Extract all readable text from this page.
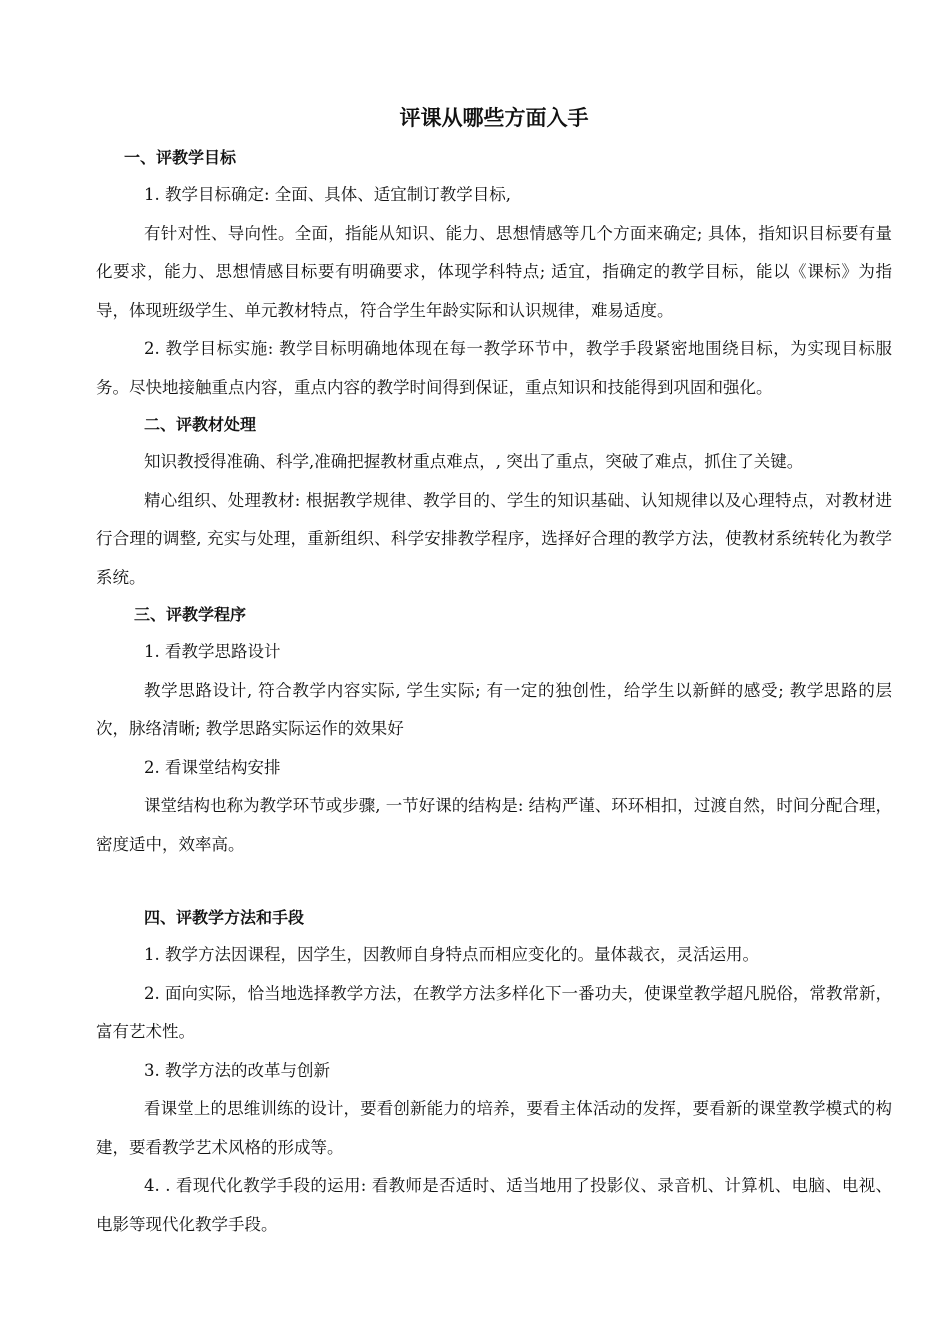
评课从哪些方面入手
一、评教学目标

1. 教学目标确定: 全面、具体、适宜制订教学目标,

有针对性、导向性。全面，指能从知识、能力、思想情感等几个方面来确定; 具体，指知识目标要有量化要求，能力、思想情感目标要有明确要求，体现学科特点; 适宜，指确定的教学目标，能以《课标》为指导，体现班级学生、单元教材特点，符合学生年龄实际和认识规律，难易适度。

2. 教学目标实施: 教学目标明确地体现在每一教学环节中，教学手段紧密地围绕目标，为实现目标服务。尽快地接触重点内容，重点内容的教学时间得到保证，重点知识和技能得到巩固和强化。

二、评教材处理

知识教授得准确、科学,准确把握教材重点难点，, 突出了重点，突破了难点，抓住了关键。

精心组织、处理教材: 根据教学规律、教学目的、学生的知识基础、认知规律以及心理特点，对教材进行合理的调整, 充实与处理，重新组织、科学安排教学程序，选择好合理的教学方法，使教材系统转化为教学系统。

三、评教学程序

1. 看教学思路设计

教学思路设计, 符合教学内容实际, 学生实际; 有一定的独创性，给学生以新鲜的感受; 教学思路的层次，脉络清晰; 教学思路实际运作的效果好

2. 看课堂结构安排

课堂结构也称为教学环节或步骤, 一节好课的结构是: 结构严谨、环环相扣，过渡自然，时间分配合理，密度适中，效率高。

四、评教学方法和手段

1. 教学方法因课程，因学生，因教师自身特点而相应变化的。量体裁衣，灵活运用。

2. 面向实际，恰当地选择教学方法，在教学方法多样化下一番功夫，使课堂教学超凡脱俗，常教常新，富有艺术性。

3. 教学方法的改革与创新

看课堂上的思维训练的设计，要看创新能力的培养，要看主体活动的发挥，要看新的课堂教学模式的构建，要看教学艺术风格的形成等。

4. . 看现代化教学手段的运用: 看教师是否适时、适当地用了投影仪、录音机、计算机、电脑、电视、电影等现代化教学手段。
